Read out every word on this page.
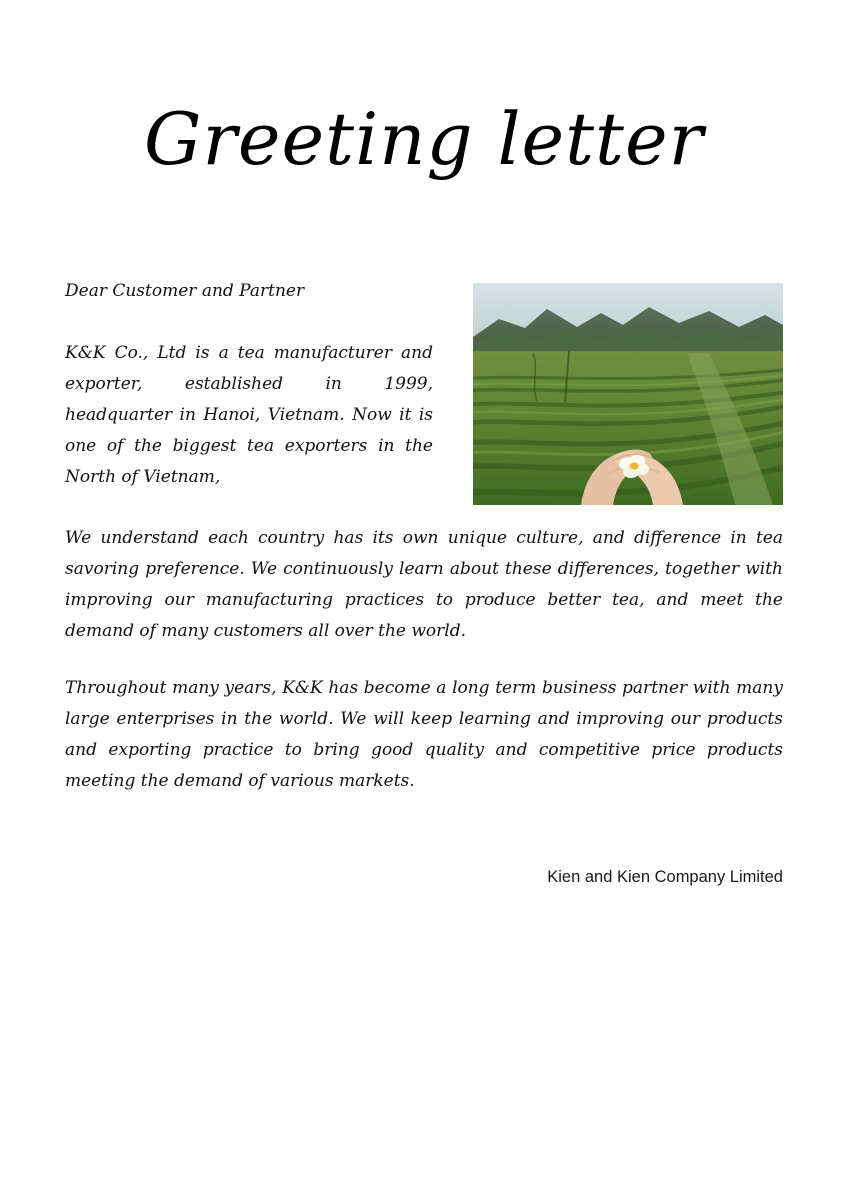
Greeting letter

Dear Customer and Partner

K&K Co., Ltd is a tea manufacturer and exporter, established in 1999, headquarter in Hanoi, Vietnam. Now it is one of the biggest tea exporters in the North of Vietnam,

We understand each country has its own unique culture, and difference in tea savoring preference. We continuously learn about these differences, together with improving our manufacturing practices to produce better tea, and meet the demand of many customers all over the world.

Throughout many years, K&K has become a long term business partner with many large enterprises in the world. We will keep learning and improving our products and exporting practice to bring good quality and competitive price products meeting the demand of various markets.

Kien and Kien Company Limited
